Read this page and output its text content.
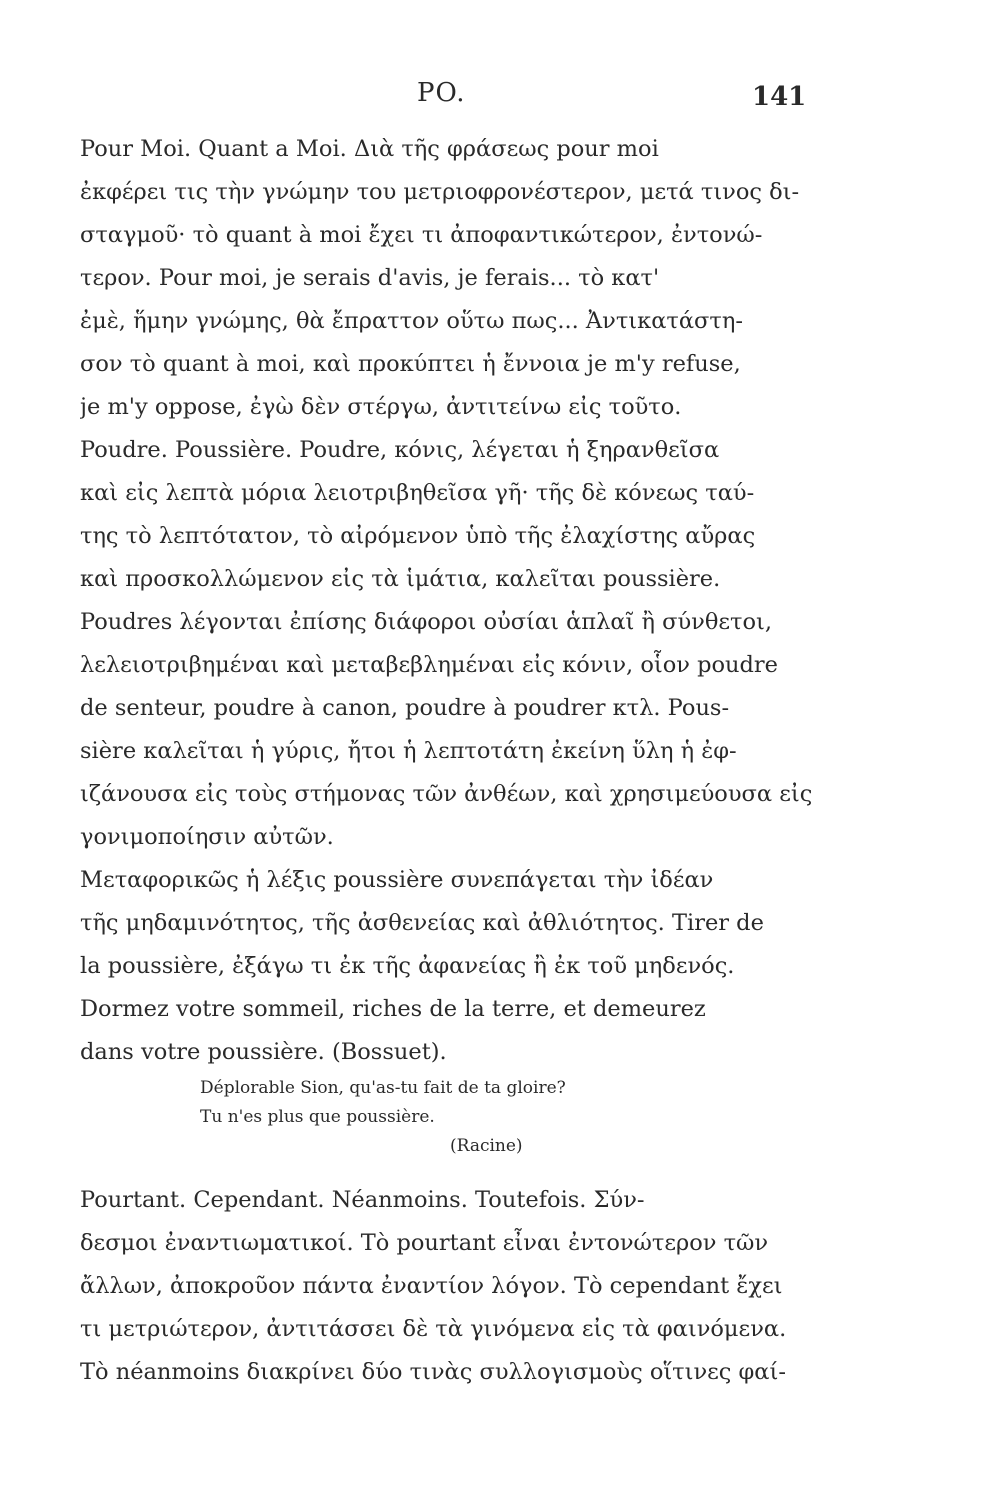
PO.	141
Pour Moi. Quant a Moi. Διὰ τῆς φράσεως pour moi
ἐκφέρει τις τὴν γνώμην του μετριοφρονέστερον, μετά τινος δι-
σταγμοῦ· τὸ quant à moi ἔχει τι ἀποφαντικώτερον, ἐντονώ-
τερον. Pour moi, je serais d'avis, je ferais... τὸ κατ'
ἐμὲ, ἥμην γνώμης, θὰ ἔπραττον οὕτω πως... Ἀντικατάστη-
σον τὸ quant à moi, καὶ προκύπτει ἡ ἔννοια je m'y refuse,
je m'y oppose, ἐγὼ δὲν στέργω, ἀντιτείνω εἰς τοῦτο.
Poudre. Poussière. Poudre, κόνις, λέγεται ἡ ξηρανθεῖσα
καὶ εἰς λεπτὰ μόρια λειοτριβηθεῖσα γῆ· τῆς δὲ κόνεως ταύ-
της τὸ λεπτότατον, τὸ αἰρόμενον ὑπὸ τῆς ἐλαχίστης αὔρας
καὶ προσκολλώμενον εἰς τὰ ἱμάτια, καλεῖται poussière.
Poudres λέγονται ἐπίσης διάφοροι οὐσίαι ἁπλαῖ ἢ σύνθετοι,
λελειοτριβημέναι καὶ μεταβεβλημέναι εἰς κόνιν, οἷον poudre
de senteur, poudre à canon, poudre à poudrer κτλ. Pous-
sière καλεῖται ἡ γύρις, ἤτοι ἡ λεπτοτάτη ἐκείνη ὕλη ἡ ἐφ-
ιζάνουσα εἰς τοὺς στήμονας τῶν ἀνθέων, καὶ χρησιμεύουσα εἰς
γονιμοποίησιν αὐτῶν.
Μεταφορικῶς ἡ λέξις poussière συνεπάγεται τὴν ἰδέαν
τῆς μηδαμινότητος, τῆς ἀσθενείας καὶ ἀθλιότητος. Tirer de
la poussière, ἐξάγω τι ἐκ τῆς ἀφανείας ἢ ἐκ τοῦ μηδενός.
Dormez votre sommeil, riches de la terre, et demeurez
dans votre poussière. (Bossuet).
Déplorable Sion, qu'as-tu fait de ta gloire?
Tu n'es plus que poussière.
(Racine)
Pourtant. Cependant. Néanmoins. Toutefois. Σύν-
δεσμοι ἐναντιωματικοί. Τὸ pourtant εἶναι ἐντονώτερον τῶν
ἄλλων, ἀποκροῦον πάντα ἐναντίον λόγον. Τὸ cependant ἔχει
τι μετριώτερον, ἀντιτάσσει δὲ τὰ γινόμενα εἰς τὰ φαινόμενα.
Τὸ néanmoins διακρίνει δύο τινὰς συλλογισμοὺς οἵτινες φαί-
